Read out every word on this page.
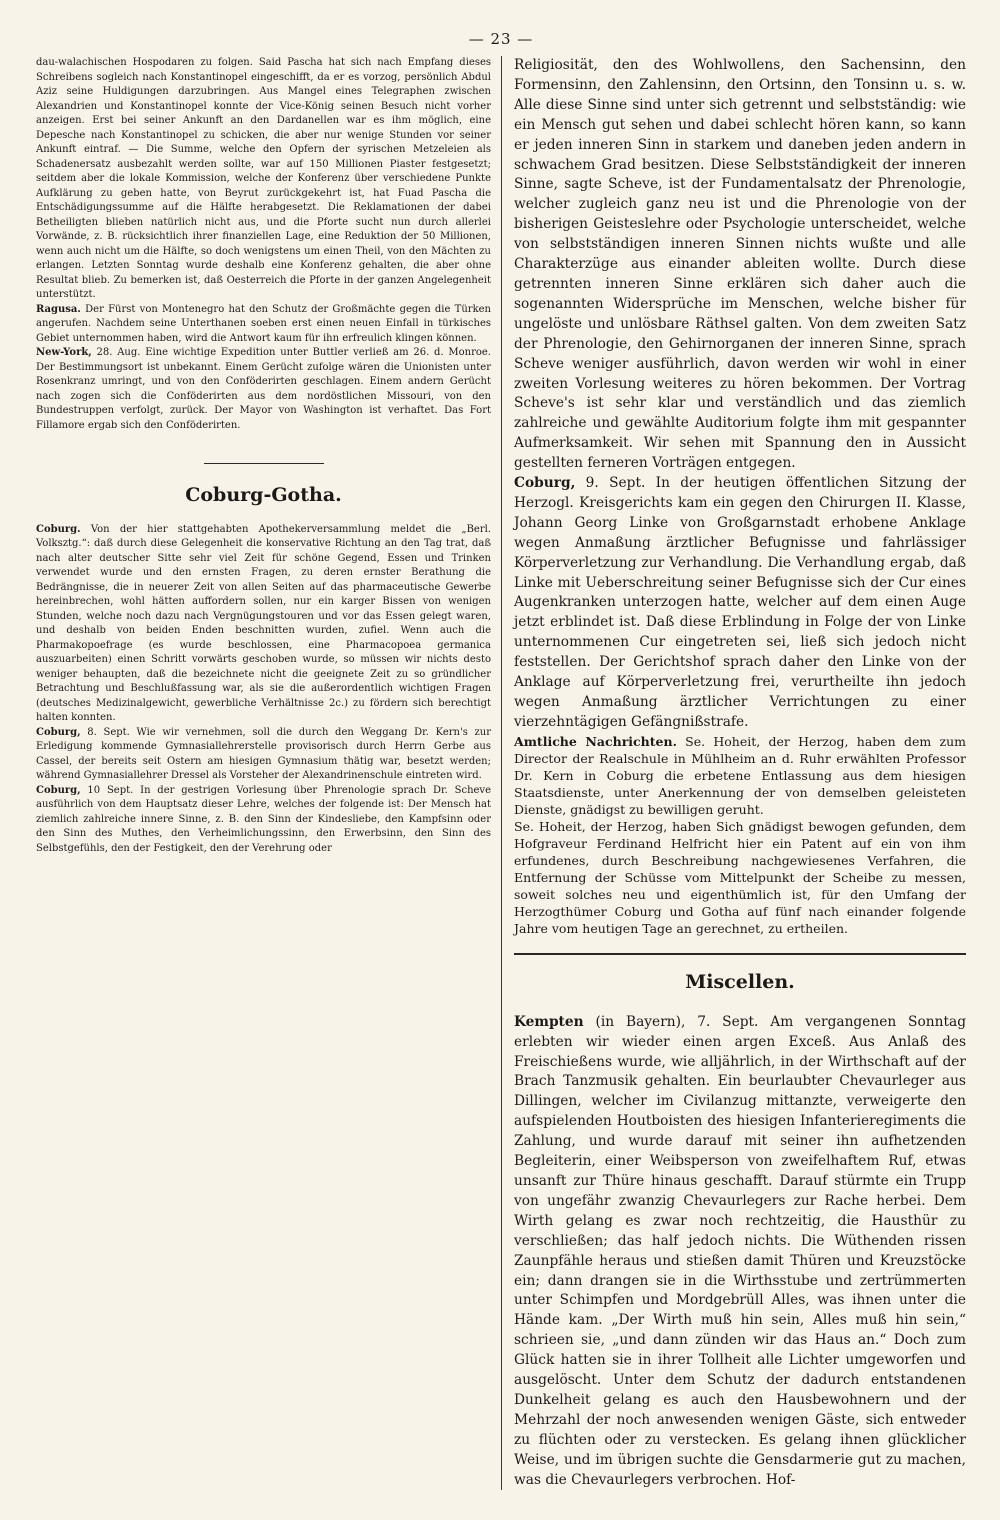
— 23 —

dau-walachischen Hospodaren zu folgen. Said Pascha hat sich nach Empfang dieses Schreibens sogleich nach Konstantinopel eingeschifft, da er es vorzog, persönlich Abdul Aziz seine Huldigungen darzubringen. Aus Mangel eines Telegraphen zwischen Alexandrien und Konstantinopel konnte der Vice-König seinen Besuch nicht vorher anzeigen. Erst bei seiner Ankunft an den Dardanellen war es ihm möglich, eine Depesche nach Konstantinopel zu schicken, die aber nur wenige Stunden vor seiner Ankunft eintraf. — Die Summe, welche den Opfern der syrischen Metzeleien als Schadenersatz ausbezahlt werden sollte, war auf 150 Millionen Piaster festgesetzt; seitdem aber die lokale Kommission, welche der Konferenz über verschiedene Punkte Aufklärung zu geben hatte, von Beyrut zurückgekehrt ist, hat Fuad Pascha die Entschädigungssumme auf die Hälfte herabgesetzt. Die Reklamationen der dabei Betheiligten blieben natürlich nicht aus, und die Pforte sucht nun durch allerlei Vorwände, z. B. rücksichtlich ihrer finanziellen Lage, eine Reduktion der 50 Millionen, wenn auch nicht um die Hälfte, so doch wenigstens um einen Theil, von den Mächten zu erlangen. Letzten Sonntag wurde deshalb eine Konferenz gehalten, die aber ohne Resultat blieb. Zu bemerken ist, daß Oesterreich die Pforte in der ganzen Angelegenheit unterstützt.

Ragusa. Der Fürst von Montenegro hat den Schutz der Großmächte gegen die Türken angerufen. Nachdem seine Unterthanen soeben erst einen neuen Einfall in türkisches Gebiet unternommen haben, wird die Antwort kaum für ihn erfreulich klingen können.

New-York, 28. Aug. Eine wichtige Expedition unter Buttler verließ am 26. d. Monroe. Der Bestimmungsort ist unbekannt. Einem Gerücht zufolge wären die Unionisten unter Rosenkranz umringt, und von den Conföderirten geschlagen. Einem andern Gerücht nach zogen sich die Conföderirten aus dem nordöstlichen Missouri, von den Bundestruppen verfolgt, zurück. Der Mayor von Washington ist verhaftet. Das Fort Fillamore ergab sich den Conföderirten.

Coburg-Gotha.

Coburg. Von der hier stattgehabten Apothekerversammlung meldet die „Berl. Volksztg.“: daß durch diese Gelegenheit die konservative Richtung an den Tag trat, daß nach alter deutscher Sitte sehr viel Zeit für schöne Gegend, Essen und Trinken verwendet wurde und den ernsten Fragen, zu deren ernster Berathung die Bedrängnisse, die in neuerer Zeit von allen Seiten auf das pharmaceutische Gewerbe hereinbrechen, wohl hätten auffordern sollen, nur ein karger Bissen von wenigen Stunden, welche noch dazu nach Vergnügungstouren und vor das Essen gelegt waren, und deshalb von beiden Enden beschnitten wurden, zufiel. Wenn auch die Pharmakopoefrage (es wurde beschlossen, eine Pharmacopoea germanica auszuarbeiten) einen Schritt vorwärts geschoben wurde, so müssen wir nichts desto weniger behaupten, daß die bezeichnete nicht die geeignete Zeit zu so gründlicher Betrachtung und Beschlußfassung war, als sie die außerordentlich wichtigen Fragen (deutsches Medizinalgewicht, gewerbliche Verhältnisse 2c.) zu fördern sich berechtigt halten konnten.

Coburg, 8. Sept. Wie wir vernehmen, soll die durch den Weggang Dr. Kern's zur Erledigung kommende Gymnasiallehrerstelle provisorisch durch Herrn Gerbe aus Cassel, der bereits seit Ostern am hiesigen Gymnasium thätig war, besetzt werden; während Gymnasiallehrer Dressel als Vorsteher der Alexandrinenschule eintreten wird.

Coburg, 10 Sept. In der gestrigen Vorlesung über Phrenologie sprach Dr. Scheve ausführlich von dem Hauptsatz dieser Lehre, welches der folgende ist: Der Mensch hat ziemlich zahlreiche innere Sinne, z. B. den Sinn der Kindesliebe, den Kampfsinn oder den Sinn des Muthes, den Verheimlichungssinn, den Erwerbsinn, den Sinn des Selbstgefühls, den der Festigkeit, den der Verehrung oder

Religiosität, den des Wohlwollens, den Sachensinn, den Formensinn, den Zahlensinn, den Ortsinn, den Tonsinn u. s. w. Alle diese Sinne sind unter sich getrennt und selbstständig: wie ein Mensch gut sehen und dabei schlecht hören kann, so kann er jeden inneren Sinn in starkem und daneben jeden andern in schwachem Grad besitzen. Diese Selbstständigkeit der inneren Sinne, sagte Scheve, ist der Fundamentalsatz der Phrenologie, welcher zugleich ganz neu ist und die Phrenologie von der bisherigen Geisteslehre oder Psychologie unterscheidet, welche von selbstständigen inneren Sinnen nichts wußte und alle Charakterzüge aus einander ableiten wollte. Durch diese getrennten inneren Sinne erklären sich daher auch die sogenannten Widersprüche im Menschen, welche bisher für ungelöste und unlösbare Räthsel galten. Von dem zweiten Satz der Phrenologie, den Gehirnorganen der inneren Sinne, sprach Scheve weniger ausführlich, davon werden wir wohl in einer zweiten Vorlesung weiteres zu hören bekommen. Der Vortrag Scheve's ist sehr klar und verständlich und das ziemlich zahlreiche und gewählte Auditorium folgte ihm mit gespannter Aufmerksamkeit. Wir sehen mit Spannung den in Aussicht gestellten ferneren Vorträgen entgegen.

Coburg, 9. Sept. In der heutigen öffentlichen Sitzung der Herzogl. Kreisgerichts kam ein gegen den Chirurgen II. Klasse, Johann Georg Linke von Großgarnstadt erhobene Anklage wegen Anmaßung ärztlicher Befugnisse und fahrlässiger Körperverletzung zur Verhandlung. Die Verhandlung ergab, daß Linke mit Ueberschreitung seiner Befugnisse sich der Cur eines Augenkranken unterzogen hatte, welcher auf dem einen Auge jetzt erblindet ist. Daß diese Erblindung in Folge der von Linke unternommenen Cur eingetreten sei, ließ sich jedoch nicht feststellen. Der Gerichtshof sprach daher den Linke von der Anklage auf Körperverletzung frei, verurtheilte ihn jedoch wegen Anmaßung ärztlicher Verrichtungen zu einer vierzehntägigen Gefängnißstrafe.

Amtliche Nachrichten. Se. Hoheit, der Herzog, haben dem zum Director der Realschule in Mühlheim an d. Ruhr erwählten Professor Dr. Kern in Coburg die erbetene Entlassung aus dem hiesigen Staatsdienste, unter Anerkennung der von demselben geleisteten Dienste, gnädigst zu bewilligen geruht.

Se. Hoheit, der Herzog, haben Sich gnädigst bewogen gefunden, dem Hofgraveur Ferdinand Helfricht hier ein Patent auf ein von ihm erfundenes, durch Beschreibung nachgewiesenes Verfahren, die Entfernung der Schüsse vom Mittelpunkt der Scheibe zu messen, soweit solches neu und eigenthümlich ist, für den Umfang der Herzogthümer Coburg und Gotha auf fünf nach einander folgende Jahre vom heutigen Tage an gerechnet, zu ertheilen.

Miscellen.

Kempten (in Bayern), 7. Sept. Am vergangenen Sonntag erlebten wir wieder einen argen Exceß. Aus Anlaß des Freischießens wurde, wie alljährlich, in der Wirthschaft auf der Brach Tanzmusik gehalten. Ein beurlaubter Chevaurleger aus Dillingen, welcher im Civilanzug mittanzte, verweigerte den aufspielenden Houtboisten des hiesigen Infanterieregiments die Zahlung, und wurde darauf mit seiner ihn aufhetzenden Begleiterin, einer Weibsperson von zweifelhaftem Ruf, etwas unsanft zur Thüre hinaus geschafft. Darauf stürmte ein Trupp von ungefähr zwanzig Chevaurlegers zur Rache herbei. Dem Wirth gelang es zwar noch rechtzeitig, die Hausthür zu verschließen; das half jedoch nichts. Die Wüthenden rissen Zaunpfähle heraus und stießen damit Thüren und Kreuzstöcke ein; dann drangen sie in die Wirthsstube und zertrümmerten unter Schimpfen und Mordgebrüll Alles, was ihnen unter die Hände kam. „Der Wirth muß hin sein, Alles muß hin sein,“ schrieen sie, „und dann zünden wir das Haus an.“ Doch zum Glück hatten sie in ihrer Tollheit alle Lichter umgeworfen und ausgelöscht. Unter dem Schutz der dadurch entstandenen Dunkelheit gelang es auch den Hausbewohnern und der Mehrzahl der noch anwesenden wenigen Gäste, sich entweder zu flüchten oder zu verstecken. Es gelang ihnen glücklicher Weise, und im übrigen suchte die Gensdarmerie gut zu machen, was die Chevaurlegers verbrochen. Hof-
